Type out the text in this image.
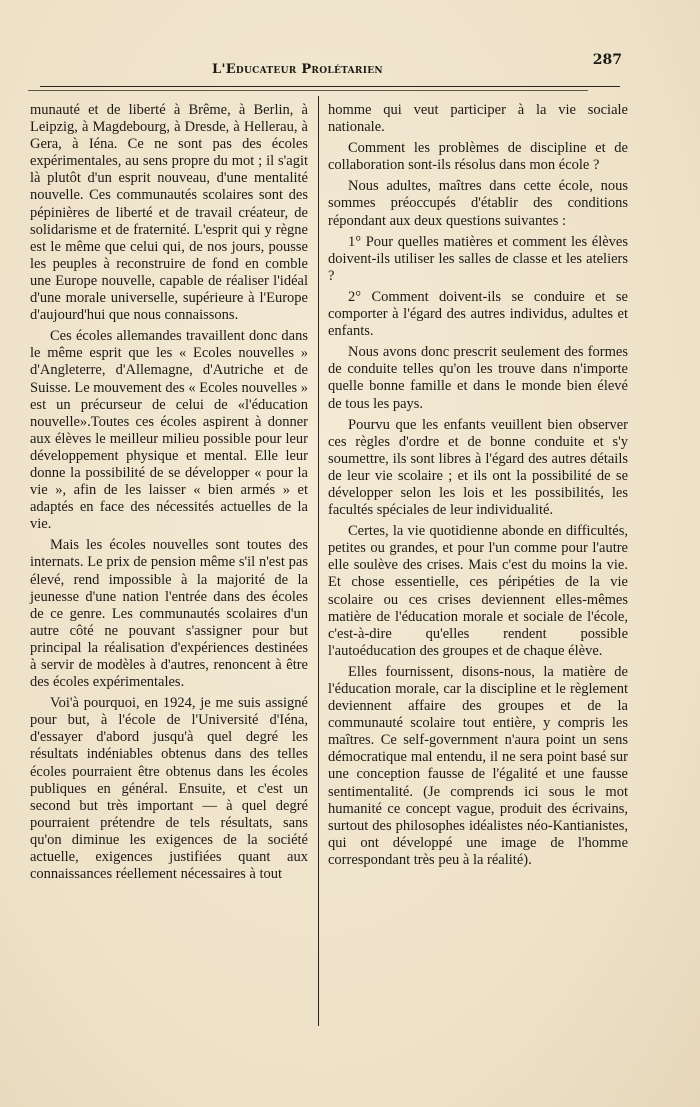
L'Educateur Prolétarien
287

munauté et de liberté à Brême, à Berlin, à Leipzig, à Magdebourg, à Dresde, à Hellerau, à Gera, à Iéna. Ce ne sont pas des écoles expérimentales, au sens propre du mot ; il s'agit là plutôt d'un esprit nouveau, d'une mentalité nouvelle. Ces communautés scolaires sont des pépinières de liberté et de travail créateur, de solidarisme et de fraternité. L'esprit qui y règne est le même que celui qui, de nos jours, pousse les peuples à reconstruire de fond en comble une Europe nouvelle, capable de réaliser l'idéal d'une morale universelle, supérieure à l'Europe d'aujourd'hui que nous connaissons.

Ces écoles allemandes travaillent donc dans le même esprit que les « Ecoles nouvelles » d'Angleterre, d'Allemagne, d'Autriche et de Suisse. Le mouvement des « Ecoles nouvelles » est un précurseur de celui de «l'éducation nouvelle».Toutes ces écoles aspirent à donner aux élèves le meilleur milieu possible pour leur développement physique et mental. Elle leur donne la possibilité de se développer « pour la vie », afin de les laisser « bien armés » et adaptés en face des nécessités actuelles de la vie.

Mais les écoles nouvelles sont toutes des internats. Le prix de pension même s'il n'est pas élevé, rend impossible à la majorité de la jeunesse d'une nation l'entrée dans des écoles de ce genre. Les communautés scolaires d'un autre côté ne pouvant s'assigner pour but principal la réalisation d'expériences destinées à servir de modèles à d'autres, renoncent à être des écoles expérimentales.

Voi'à pourquoi, en 1924, je me suis assigné pour but, à l'école de l'Université d'Iéna, d'essayer d'abord jusqu'à quel degré les résultats indéniables obtenus dans des telles écoles pourraient être obtenus dans les écoles publiques en général. Ensuite, et c'est un second but très important — à quel degré pourraient prétendre de tels résultats, sans qu'on diminue les exigences de la société actuelle, exigences justifiées quant aux connaissances réellement nécessaires à tout

homme qui veut participer à la vie sociale nationale.

Comment les problèmes de discipline et de collaboration sont-ils résolus dans mon école ?

Nous adultes, maîtres dans cette école, nous sommes préoccupés d'établir des conditions répondant aux deux questions suivantes :

1° Pour quelles matières et comment les élèves doivent-ils utiliser les salles de classe et les ateliers ?

2° Comment doivent-ils se conduire et se comporter à l'égard des autres individus, adultes et enfants.

Nous avons donc prescrit seulement des formes de conduite telles qu'on les trouve dans n'importe quelle bonne famille et dans le monde bien élevé de tous les pays.

Pourvu que les enfants veuillent bien observer ces règles d'ordre et de bonne conduite et s'y soumettre, ils sont libres à l'égard des autres détails de leur vie scolaire ; et ils ont la possibilité de se développer selon les lois et les possibilités, les facultés spéciales de leur individualité.

Certes, la vie quotidienne abonde en difficultés, petites ou grandes, et pour l'un comme pour l'autre elle soulève des crises. Mais c'est du moins la vie. Et chose essentielle, ces péripéties de la vie scolaire ou ces crises deviennent elles-mêmes matière de l'éducation morale et sociale de l'école, c'est-à-dire qu'elles rendent possible l'autoéducation des groupes et de chaque élève.

Elles fournissent, disons-nous, la matière de l'éducation morale, car la discipline et le règlement deviennent affaire des groupes et de la communauté scolaire tout entière, y compris les maîtres. Ce self-government n'aura point un sens démocratique mal entendu, il ne sera point basé sur une conception fausse de l'égalité et une fausse sentimentalité. (Je comprends ici sous le mot humanité ce concept vague, produit des écrivains, surtout des philosophes idéalistes néo-Kantianistes, qui ont développé une image de l'homme correspondant très peu à la réalité).
